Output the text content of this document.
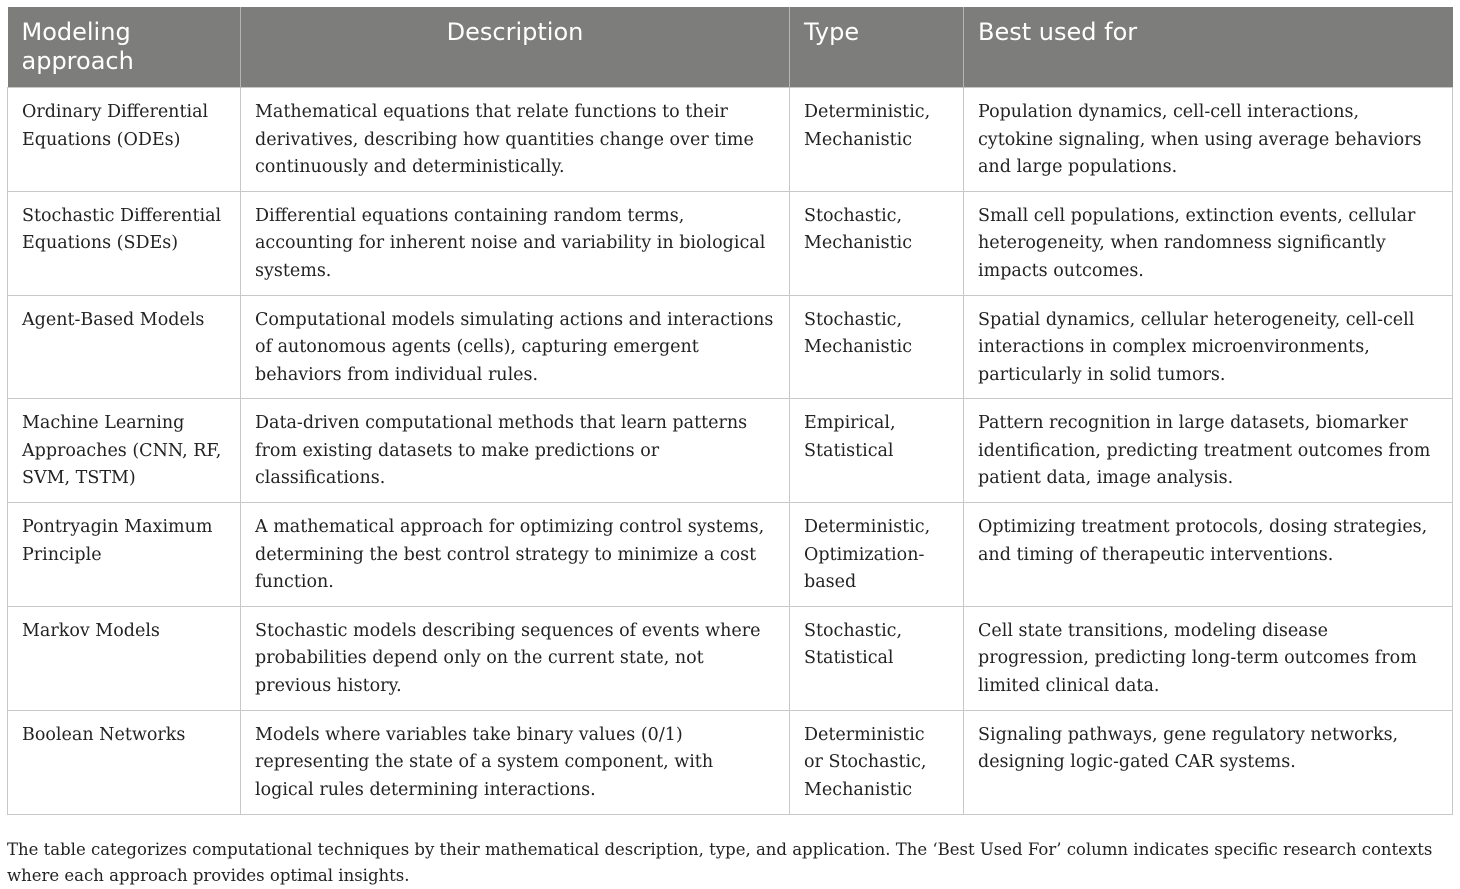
Modeling approach	Description	Type	Best used for
Ordinary Differential Equations (ODEs)	Mathematical equations that relate functions to their derivatives, describing how quantities change over time continuously and deterministically.	Deterministic, Mechanistic	Population dynamics, cell-cell interactions, cytokine signaling, when using average behaviors and large populations.
Stochastic Differential Equations (SDEs)	Differential equations containing random terms, accounting for inherent noise and variability in biological systems.	Stochastic, Mechanistic	Small cell populations, extinction events, cellular heterogeneity, when randomness significantly impacts outcomes.
Agent-Based Models	Computational models simulating actions and interactions of autonomous agents (cells), capturing emergent behaviors from individual rules.	Stochastic, Mechanistic	Spatial dynamics, cellular heterogeneity, cell-cell interactions in complex microenvironments, particularly in solid tumors.
Machine Learning Approaches (CNN, RF, SVM, TSTM)	Data-driven computational methods that learn patterns from existing datasets to make predictions or classifications.	Empirical, Statistical	Pattern recognition in large datasets, biomarker identification, predicting treatment outcomes from patient data, image analysis.
Pontryagin Maximum Principle	A mathematical approach for optimizing control systems, determining the best control strategy to minimize a cost function.	Deterministic, Optimization-based	Optimizing treatment protocols, dosing strategies, and timing of therapeutic interventions.
Markov Models	Stochastic models describing sequences of events where probabilities depend only on the current state, not previous history.	Stochastic, Statistical	Cell state transitions, modeling disease progression, predicting long-term outcomes from limited clinical data.
Boolean Networks	Models where variables take binary values (0/1) representing the state of a system component, with logical rules determining interactions.	Deterministic or Stochastic, Mechanistic	Signaling pathways, gene regulatory networks, designing logic-gated CAR systems.

The table categorizes computational techniques by their mathematical description, type, and application. The ‘Best Used For’ column indicates specific research contexts where each approach provides optimal insights.
